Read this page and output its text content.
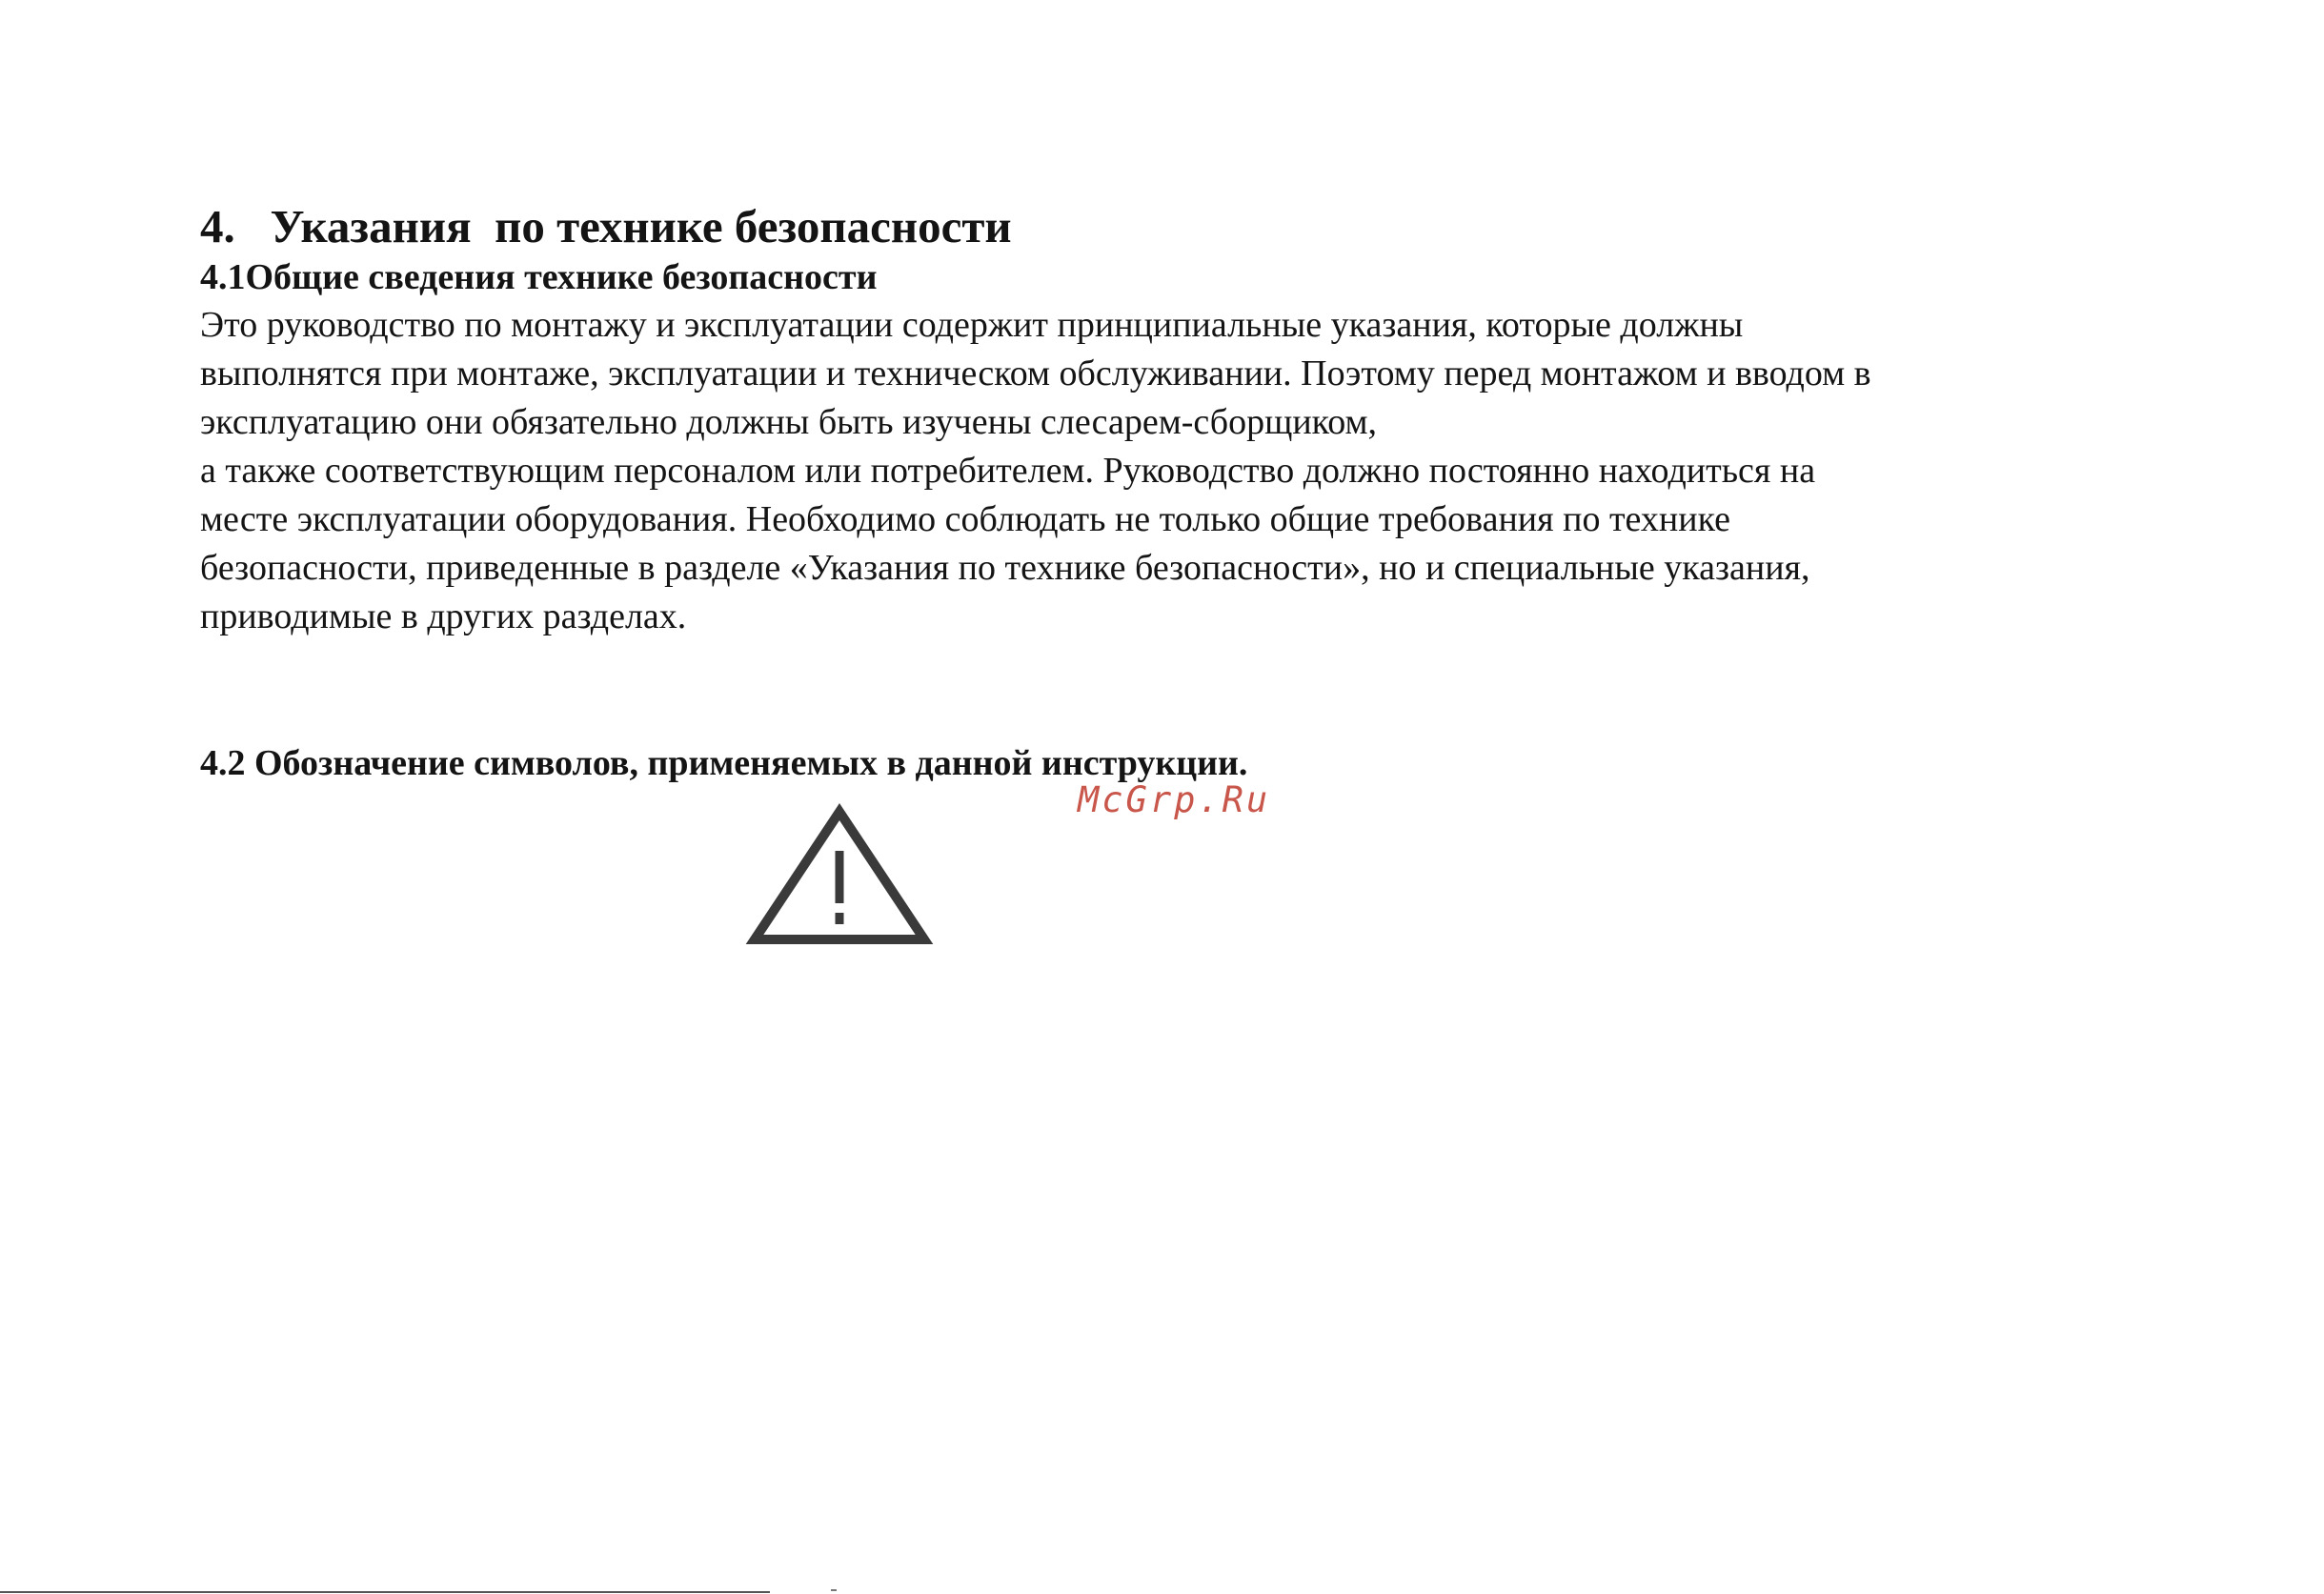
4.   Указания  по технике безопасности

4.1Общие сведения технике безопасности

Это руководство по монтажу и эксплуатации содержит принципиальные указания, которые должны

выполнятся при монтаже, эксплуатации и техническом обслуживании. Поэтому перед монтажом и вводом в

эксплуатацию они обязательно должны быть изучены слесарем-сборщиком,

а также соответствующим персоналом или потребителем. Руководство должно постоянно находиться на

месте эксплуатации оборудования. Необходимо соблюдать не только общие требования по технике

безопасности, приведенные в разделе «Указания по технике безопасности», но и специальные указания,

приводимые в других разделах.

4.2 Обозначение символов, применяемых в данной инструкции.

McGrp.Ru
